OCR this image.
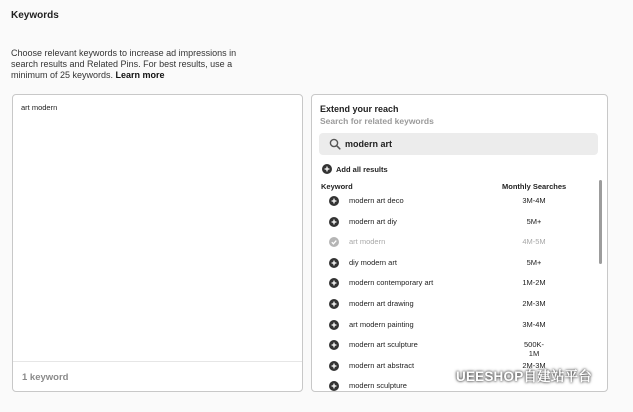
Keywords
Choose relevant keywords to increase ad impressions in search results and Related Pins. For best results, use a minimum of 25 keywords. Learn more
art modern
1 keyword
Extend your reach
Search for related keywords
modern art
Add all results
Keyword	Monthly Searches
modern art deco	3M-4M
modern art diy	5M+
art modern	4M-5M
diy modern art	5M+
modern contemporary art	1M-2M
modern art drawing	2M-3M
art modern painting	3M-4M
modern art sculpture	500K-1M
modern art abstract	2M-3M
modern sculpture
UEESHOP自建站平台
